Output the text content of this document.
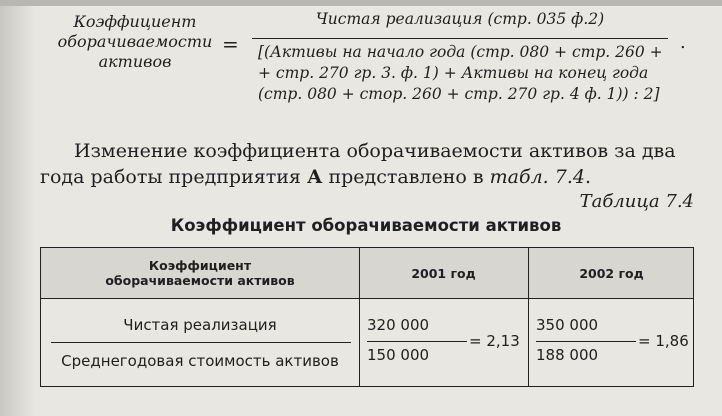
Коэффициент
оборачиваемости
активов
=
Чистая реализация (стр. 035 ф.2)
[(Активы на начало года (стр. 080 + стр. 260 +
+ стр. 270 гр. 3. ф. 1) + Активы на конец года
(стр. 080 + стор. 260 + стр. 270 гр. 4 ф. 1)) : 2]
.
Изменение коэффициента оборачиваемости активов за два года работы предприятия А представлено в табл. 7.4.
Таблица 7.4
Коэффициент оборачиваемости активов
Коэффициент
оборачиваемости активов	2001 год	2002 год
Чистая реализация
Среднегодовая стоимость активов
320 000
= 2,13
150 000
350 000
= 1,86
188 000
